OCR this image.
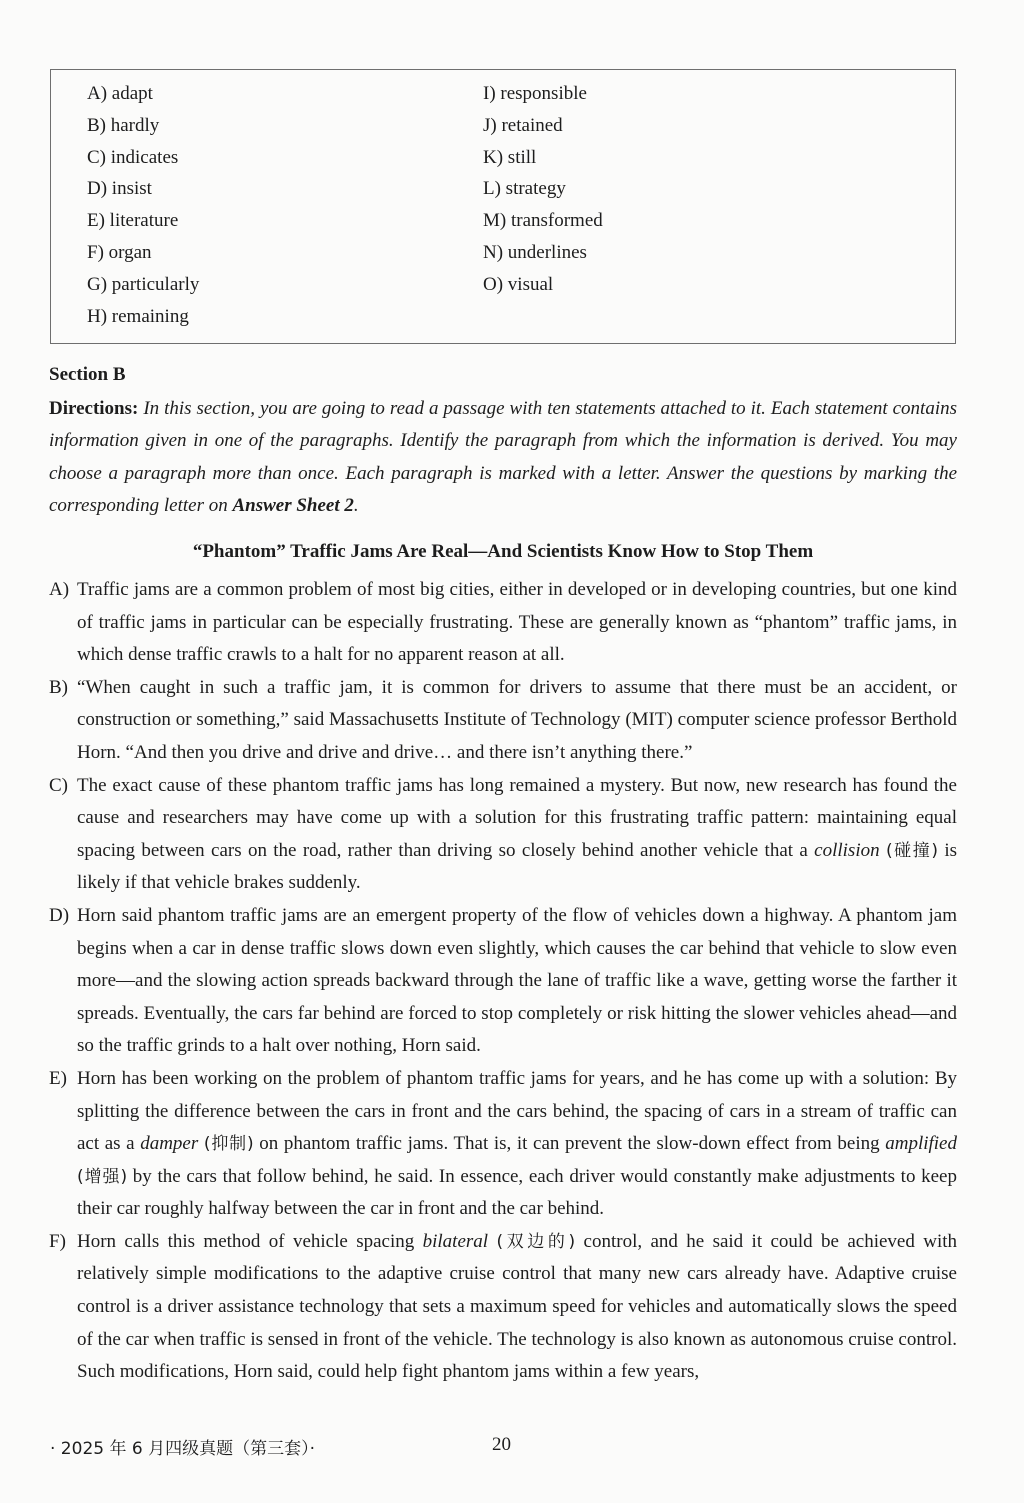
A) adapt
B) hardly
C) indicates
D) insist
E) literature
F) organ
G) particularly
H) remaining
I) responsible
J) retained
K) still
L) strategy
M) transformed
N) underlines
O) visual
Section B
Directions: In this section, you are going to read a passage with ten statements attached to it. Each statement contains information given in one of the paragraphs. Identify the paragraph from which the information is derived. You may choose a paragraph more than once. Each paragraph is marked with a letter. Answer the questions by marking the corresponding letter on Answer Sheet 2.
“Phantom” Traffic Jams Are Real—And Scientists Know How to Stop Them
A) Traffic jams are a common problem of most big cities, either in developed or in developing countries, but one kind of traffic jams in particular can be especially frustrating. These are generally known as “phantom” traffic jams, in which dense traffic crawls to a halt for no apparent reason at all.
B) “When caught in such a traffic jam, it is common for drivers to assume that there must be an accident, or construction or something,” said Massachusetts Institute of Technology (MIT) computer science professor Berthold Horn. “And then you drive and drive and drive… and there isn’t anything there.”
C) The exact cause of these phantom traffic jams has long remained a mystery. But now, new research has found the cause and researchers may have come up with a solution for this frustrating traffic pattern: maintaining equal spacing between cars on the road, rather than driving so closely behind another vehicle that a collision (碰撞) is likely if that vehicle brakes suddenly.
D) Horn said phantom traffic jams are an emergent property of the flow of vehicles down a highway. A phantom jam begins when a car in dense traffic slows down even slightly, which causes the car behind that vehicle to slow even more—and the slowing action spreads backward through the lane of traffic like a wave, getting worse the farther it spreads. Eventually, the cars far behind are forced to stop completely or risk hitting the slower vehicles ahead—and so the traffic grinds to a halt over nothing, Horn said.
E) Horn has been working on the problem of phantom traffic jams for years, and he has come up with a solution: By splitting the difference between the cars in front and the cars behind, the spacing of cars in a stream of traffic can act as a damper (抑制) on phantom traffic jams. That is, it can prevent the slow-down effect from being amplified (增强) by the cars that follow behind, he said. In essence, each driver would constantly make adjustments to keep their car roughly halfway between the car in front and the car behind.
F) Horn calls this method of vehicle spacing bilateral (双边的) control, and he said it could be achieved with relatively simple modifications to the adaptive cruise control that many new cars already have. Adaptive cruise control is a driver assistance technology that sets a maximum speed for vehicles and automatically slows the speed of the car when traffic is sensed in front of the vehicle. The technology is also known as autonomous cruise control. Such modifications, Horn said, could help fight phantom jams within a few years,
· 2025 年 6 月四级真题（第三套）·	20
